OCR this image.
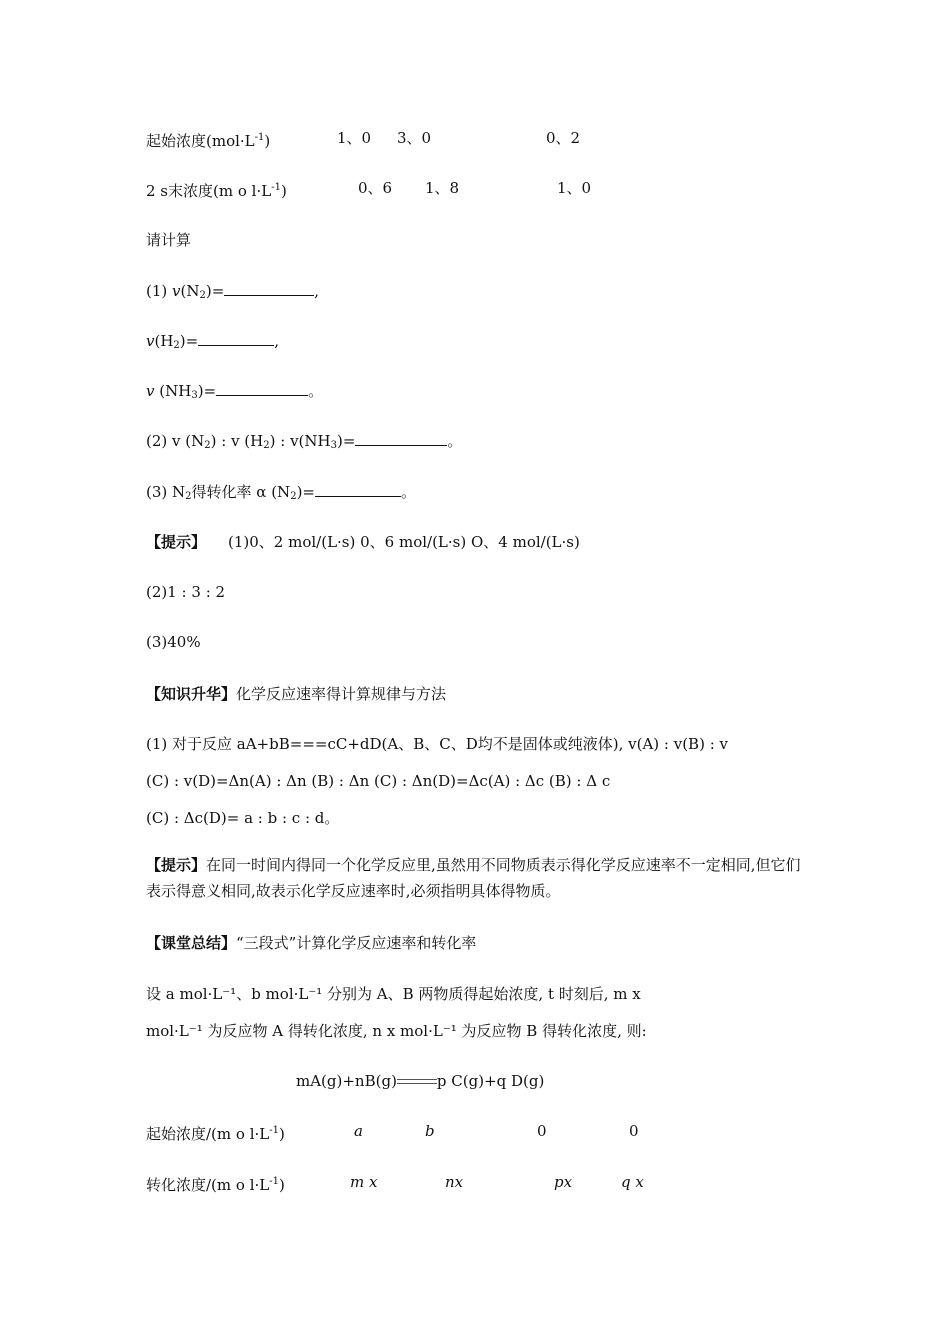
起始浓度$(mol\cdot L^{-1})$	1、0 3、0	0、2
2 s末浓度(m o $l\cdot L^{-1}$)	0、6 1、8	1、0
请计算
(1) $v(N_2)=$	,
$v(H_2)=$	,
v $(NH_3)=$	。
(2) v $(N_2)$ : v $(H_2)$ : $v(NH_3)=$	。
(3) $N_2$得转化率 α $(N_2)=$	。
【提示】 (1)0、2 mol/(L·s) 0、6 mol/(L·s) O、4 mol/(L·s)
(2)1 : 3 : 2
(3)40%
【知识升华】化学反应速率得计算规律与方法
(1) 对于反应 aA+bB===cC+dD(A、B、C、D均不是固体或纯液体), v(A) : v(B) : v
(C) : v(D)=Δn(A) : Δn (B) : Δn (C) : Δn(D)=Δc(A) : Δc (B) : Δ c
(C) : Δc(D)= a : b : c : d。
【提示】在同一时间内得同一个化学反应里,虽然用不同物质表示得化学反应速率不一定相同,但它们表示得意义相同,故表示化学反应速率时,必须指明具体得物质。
【课堂总结】“三段式”计算化学反应速率和转化率
设 a mol·L⁻¹、b mol·L⁻¹ 分别为 A、B 两物质得起始浓度, t 时刻后, m x
mol·L⁻¹ 为反应物 A 得转化浓度, n x mol·L⁻¹ 为反应物 B 得转化浓度, 则:
mA(g)+nB(g)	p C(g)+q D(g)
起始浓度/(m o $l\cdot L^{-1}$)	a	b	0	0
转化浓度/(m o $l\cdot L^{-1}$)	m x	nx	px	q x
